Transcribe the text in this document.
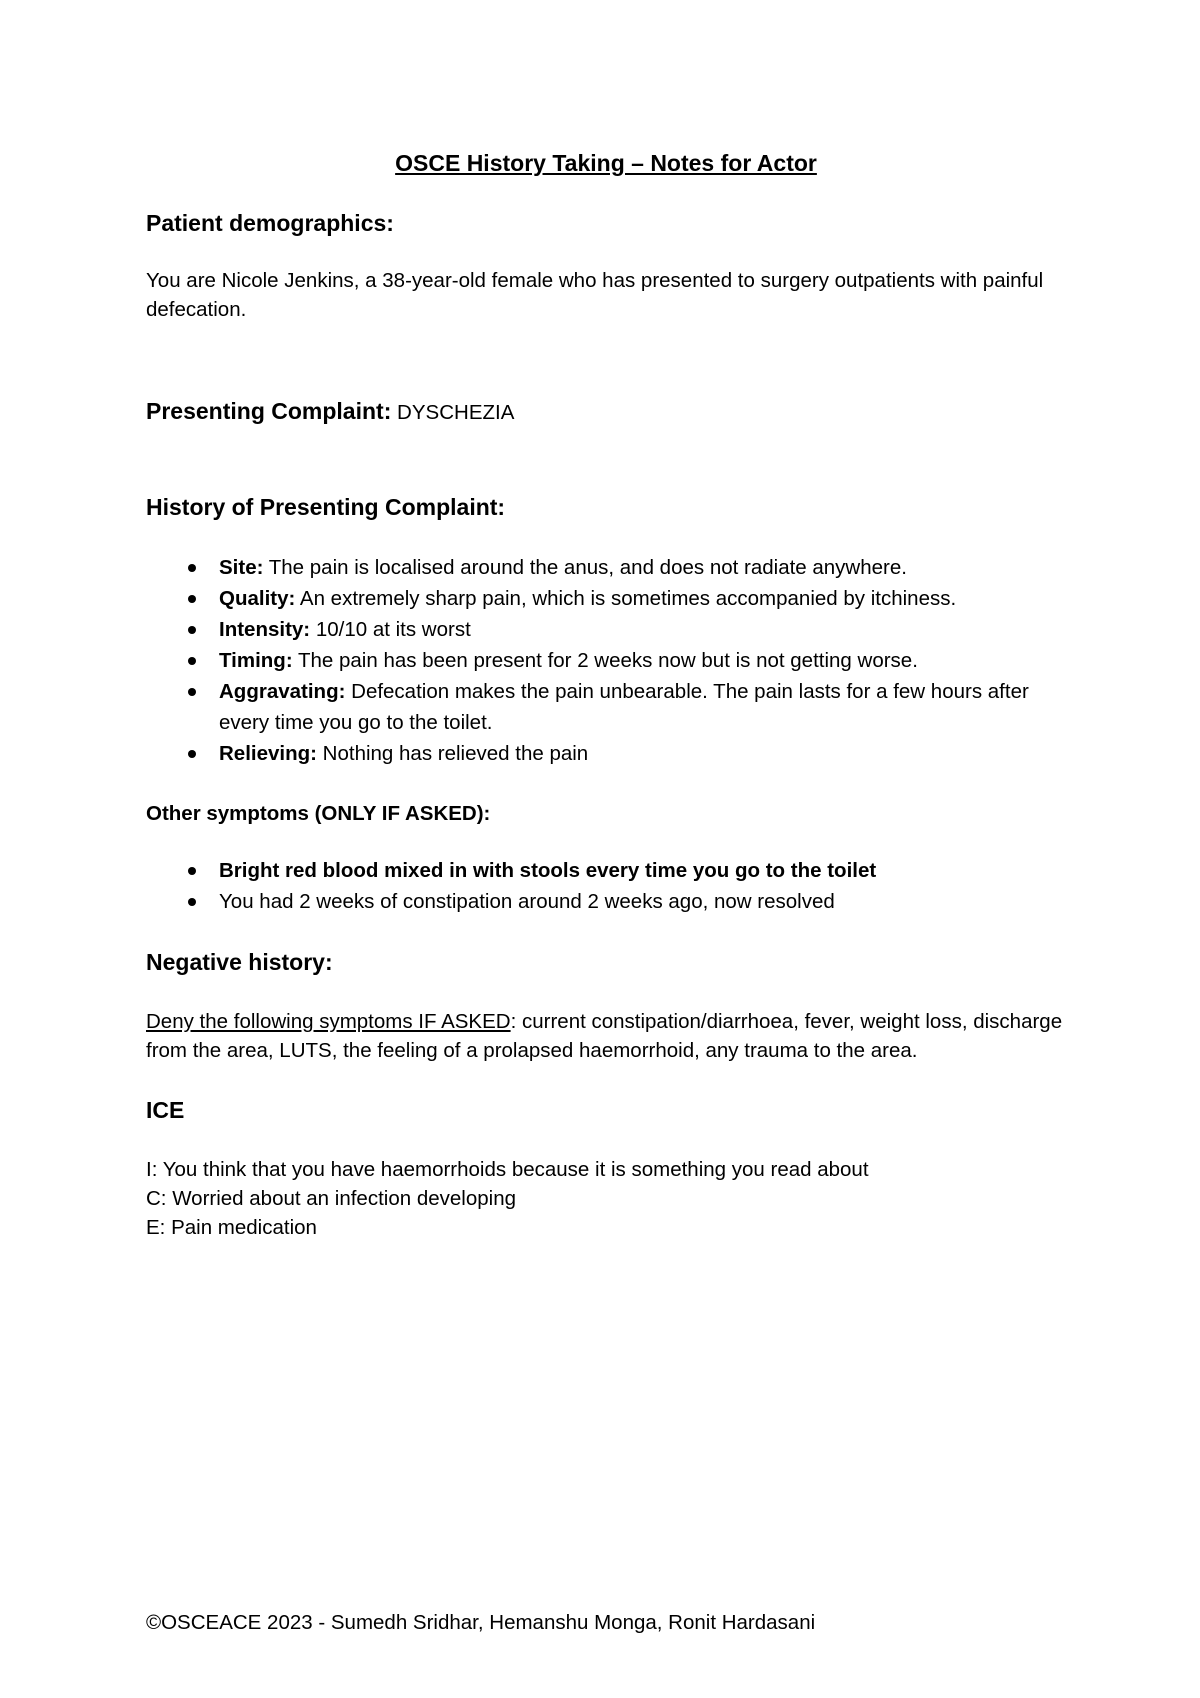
OSCE History Taking – Notes for Actor
Patient demographics:

You are Nicole Jenkins, a 38-year-old female who has presented to surgery outpatients with painful defecation.

Presenting Complaint: DYSCHEZIA
History of Presenting Complaint:
Site: The pain is localised around the anus, and does not radiate anywhere.
Quality: An extremely sharp pain, which is sometimes accompanied by itchiness.
Intensity: 10/10 at its worst
Timing: The pain has been present for 2 weeks now but is not getting worse.
Aggravating: Defecation makes the pain unbearable. The pain lasts for a few hours after every time you go to the toilet.
Relieving: Nothing has relieved the pain
Other symptoms (ONLY IF ASKED):
Bright red blood mixed in with stools every time you go to the toilet
You had 2 weeks of constipation around 2 weeks ago, now resolved
Negative history:

Deny the following symptoms IF ASKED: current constipation/diarrhoea, fever, weight loss, discharge from the area, LUTS, the feeling of a prolapsed haemorrhoid, any trauma to the area.

ICE

I: You think that you have haemorrhoids because it is something you read about

C: Worried about an infection developing

E: Pain medication

©OSCEACE 2023 - Sumedh Sridhar, Hemanshu Monga, Ronit Hardasani
